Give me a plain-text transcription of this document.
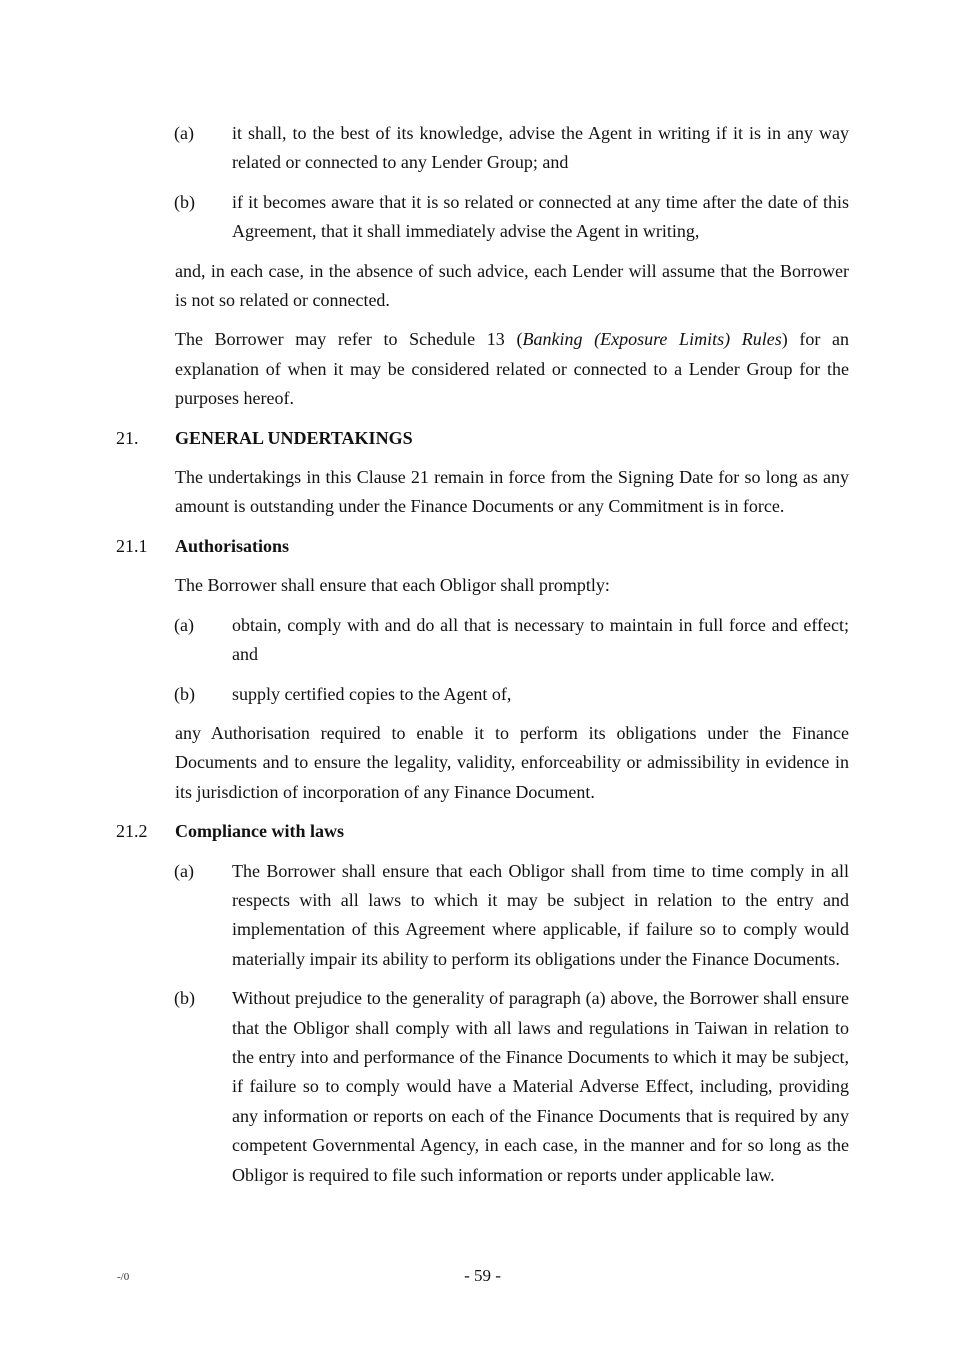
(a) it shall, to the best of its knowledge, advise the Agent in writing if it is in any way related or connected to any Lender Group; and
(b) if it becomes aware that it is so related or connected at any time after the date of this Agreement, that it shall immediately advise the Agent in writing,
and, in each case, in the absence of such advice, each Lender will assume that the Borrower is not so related or connected.
The Borrower may refer to Schedule 13 (Banking (Exposure Limits) Rules) for an explanation of when it may be considered related or connected to a Lender Group for the purposes hereof.
21. GENERAL UNDERTAKINGS
The undertakings in this Clause 21 remain in force from the Signing Date for so long as any amount is outstanding under the Finance Documents or any Commitment is in force.
21.1 Authorisations
The Borrower shall ensure that each Obligor shall promptly:
(a) obtain, comply with and do all that is necessary to maintain in full force and effect; and
(b) supply certified copies to the Agent of,
any Authorisation required to enable it to perform its obligations under the Finance Documents and to ensure the legality, validity, enforceability or admissibility in evidence in its jurisdiction of incorporation of any Finance Document.
21.2 Compliance with laws
(a) The Borrower shall ensure that each Obligor shall from time to time comply in all respects with all laws to which it may be subject in relation to the entry and implementation of this Agreement where applicable, if failure so to comply would materially impair its ability to perform its obligations under the Finance Documents.
(b) Without prejudice to the generality of paragraph (a) above, the Borrower shall ensure that the Obligor shall comply with all laws and regulations in Taiwan in relation to the entry into and performance of the Finance Documents to which it may be subject, if failure so to comply would have a Material Adverse Effect, including, providing any information or reports on each of the Finance Documents that is required by any competent Governmental Agency, in each case, in the manner and for so long as the Obligor is required to file such information or reports under applicable law.
-/0	- 59 -
